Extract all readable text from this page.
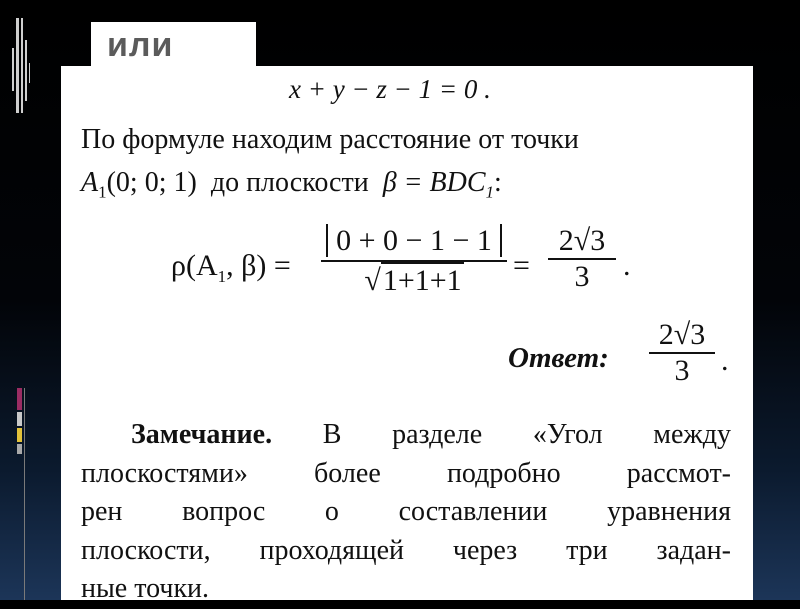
x + y − z − 1 = 0 .
По формуле находим расстояние от точки
$A_1(0$; 0; 1) до плоскости $\beta = BDC_1$:
$\rho(A_1$, β) =
0 + 0 − 1 − 1
√1+1+1	=
2√3
3	.
Ответ:
2√3
3	.
Замечание. В разделе «Угол между
плоскостями» более подробно рассмот-
рен вопрос о составлении уравнения
плоскости, проходящей через три задан-
ные точки.
или
